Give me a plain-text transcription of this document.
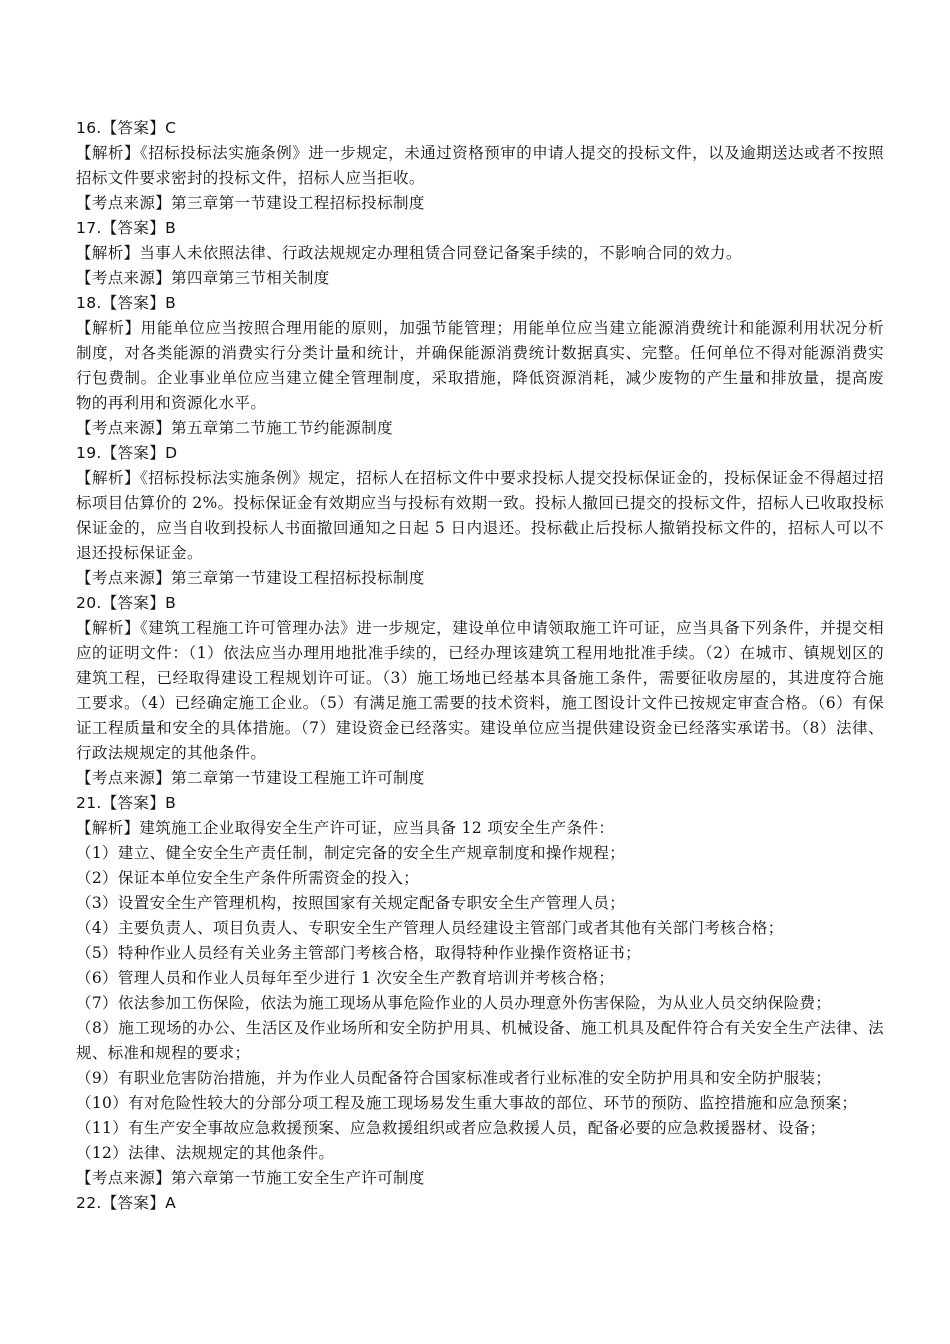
16.【答案】C
【解析】《招标投标法实施条例》进一步规定，未通过资格预审的申请人提交的投标文件，以及逾期送达或者不按照招标文件要求密封的投标文件，招标人应当拒收。
【考点来源】第三章第一节建设工程招标投标制度
17.【答案】B
【解析】当事人未依照法律、行政法规规定办理租赁合同登记备案手续的，不影响合同的效力。
【考点来源】第四章第三节相关制度
18.【答案】B
【解析】用能单位应当按照合理用能的原则，加强节能管理；用能单位应当建立能源消费统计和能源利用状况分析制度，对各类能源的消费实行分类计量和统计，并确保能源消费统计数据真实、完整。任何单位不得对能源消费实行包费制。企业事业单位应当建立健全管理制度，采取措施，降低资源消耗，减少废物的产生量和排放量，提高废物的再利用和资源化水平。
【考点来源】第五章第二节施工节约能源制度
19.【答案】D
【解析】《招标投标法实施条例》规定，招标人在招标文件中要求投标人提交投标保证金的，投标保证金不得超过招标项目估算价的 2%。投标保证金有效期应当与投标有效期一致。投标人撤回已提交的投标文件，招标人已收取投标保证金的，应当自收到投标人书面撤回通知之日起 5 日内退还。投标截止后投标人撤销投标文件的，招标人可以不退还投标保证金。
【考点来源】第三章第一节建设工程招标投标制度
20.【答案】B
【解析】《建筑工程施工许可管理办法》进一步规定，建设单位申请领取施工许可证，应当具备下列条件，并提交相应的证明文件：（1）依法应当办理用地批准手续的，已经办理该建筑工程用地批准手续。（2）在城市、镇规划区的建筑工程，已经取得建设工程规划许可证。（3）施工场地已经基本具备施工条件，需要征收房屋的，其进度符合施工要求。（4）已经确定施工企业。（5）有满足施工需要的技术资料，施工图设计文件已按规定审查合格。（6）有保证工程质量和安全的具体措施。（7）建设资金已经落实。建设单位应当提供建设资金已经落实承诺书。（8）法律、行政法规规定的其他条件。
【考点来源】第二章第一节建设工程施工许可制度
21.【答案】B
【解析】建筑施工企业取得安全生产许可证，应当具备 12 项安全生产条件：
（1）建立、健全安全生产责任制，制定完备的安全生产规章制度和操作规程；
（2）保证本单位安全生产条件所需资金的投入；
（3）设置安全生产管理机构，按照国家有关规定配备专职安全生产管理人员；
（4）主要负责人、项目负责人、专职安全生产管理人员经建设主管部门或者其他有关部门考核合格；
（5）特种作业人员经有关业务主管部门考核合格，取得特种作业操作资格证书；
（6）管理人员和作业人员每年至少进行 1 次安全生产教育培训并考核合格；
（7）依法参加工伤保险，依法为施工现场从事危险作业的人员办理意外伤害保险，为从业人员交纳保险费；
（8）施工现场的办公、生活区及作业场所和安全防护用具、机械设备、施工机具及配件符合有关安全生产法律、法规、标准和规程的要求；
（9）有职业危害防治措施，并为作业人员配备符合国家标准或者行业标准的安全防护用具和安全防护服装；
（10）有对危险性较大的分部分项工程及施工现场易发生重大事故的部位、环节的预防、监控措施和应急预案；
（11）有生产安全事故应急救援预案、应急救援组织或者应急救援人员，配备必要的应急救援器材、设备；
（12）法律、法规规定的其他条件。
【考点来源】第六章第一节施工安全生产许可制度
22.【答案】A
